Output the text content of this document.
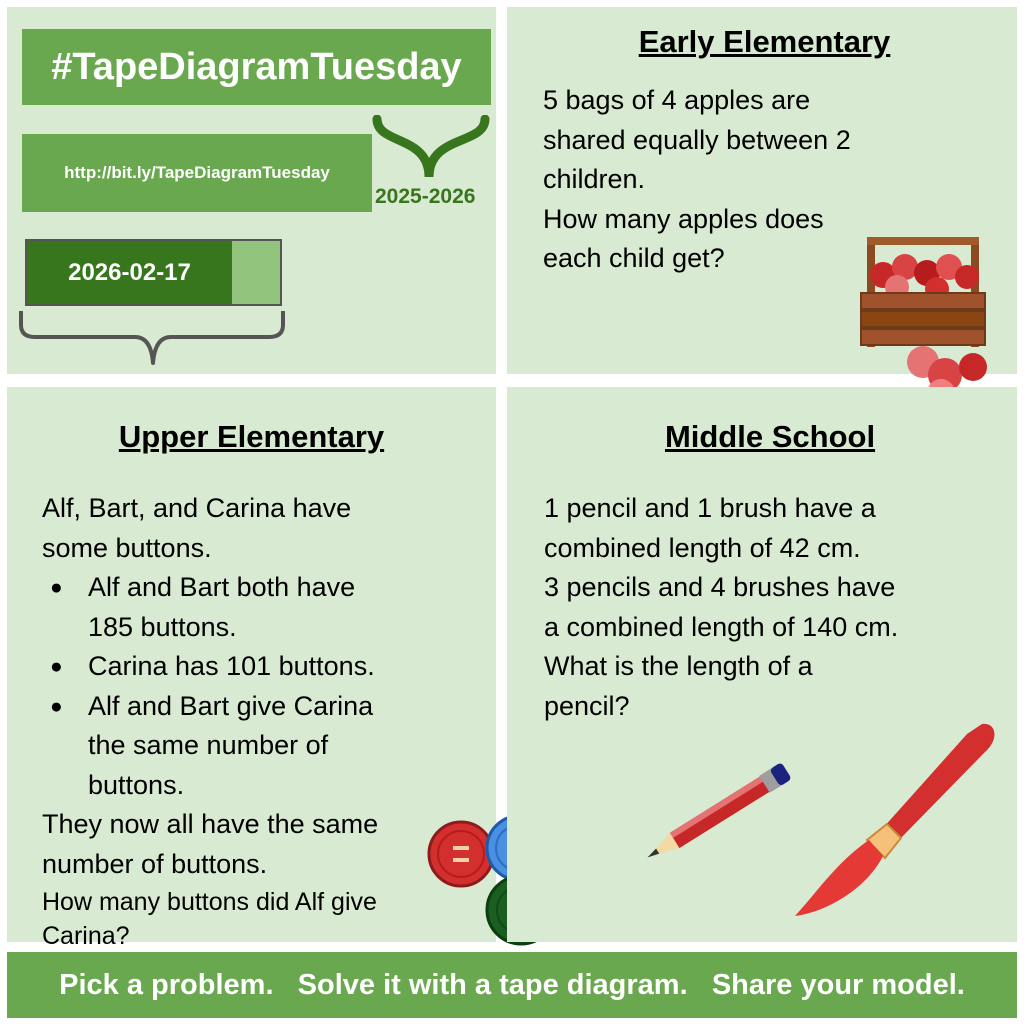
#TapeDiagramTuesday
http://bit.ly/TapeDiagramTuesday
2025-2026
2026-02-17
Early Elementary

5 bags of 4 apples are

shared equally between 2

children.

How many apples does

each child get?

Upper Elementary

Alf, Bart, and Carina have

some buttons.

● Alf and Bart both have
185 buttons.
● Carina has 101 buttons.
● Alf and Bart give Carina
the same number of
buttons.

They now all have the same

number of buttons.

How many buttons did Alf give

Carina?

Middle School

1 pencil and 1 brush have a

combined length of 42 cm.

3 pencils and 4 brushes have

a combined length of 140 cm.

What is the length of a

pencil?

Pick a problem.   Solve it with a tape diagram.   Share your model.
